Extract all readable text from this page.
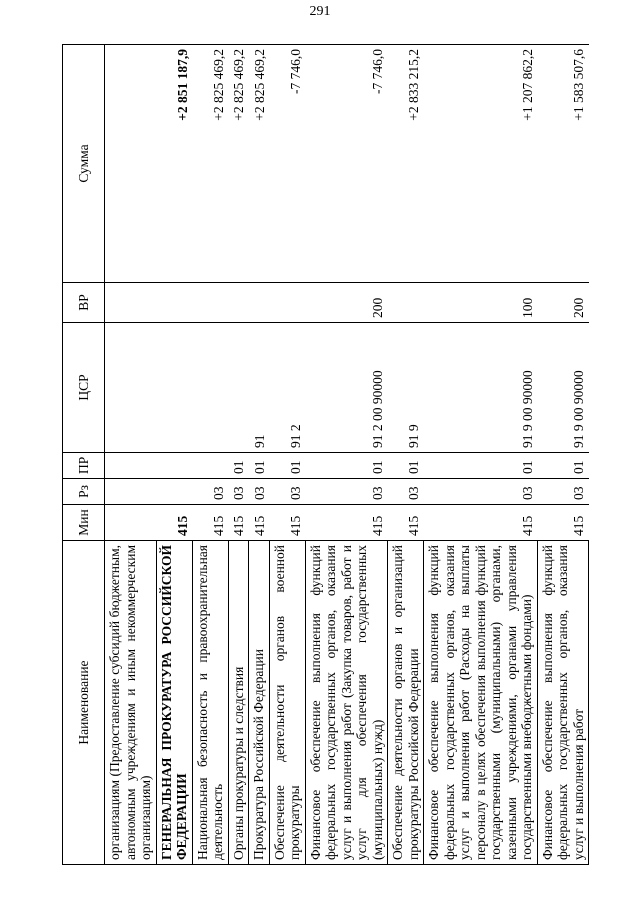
291
Наименование	Мин	Рз	ПР	ЦСР	ВР	Сумма
организациям (Предоставление субсидий бюджетным, автономным учреждениям и иным некоммерческим организациям)						
ГЕНЕРАЛЬНАЯ ПРОКУРАТУРА РОССИЙСКОЙ ФЕДЕРАЦИИ	415					+2 851 187,9
Национальная безопасность и правоохранительная деятельность	415	03				+2 825 469,2
Органы прокуратуры и следствия	415	03	01			+2 825 469,2
Прокуратура Российской Федерации	415	03	01	91		+2 825 469,2
Обеспечение деятельности органов военной прокуратуры	415	03	01	91 2		-7 746,0
Финансовое обеспечение выполнения функций федеральных государственных органов, оказания услуг и выполнения работ (Закупка товаров, работ и услуг для обеспечения государственных (муниципальных) нужд)	415	03	01	91 2 00 90000	200	-7 746,0
Обеспечение деятельности органов и организаций прокуратуры Российской Федерации	415	03	01	91 9		+2 833 215,2
Финансовое обеспечение выполнения функций федеральных государственных органов, оказания услуг и выполнения работ (Расходы на выплаты персоналу в целях обеспечения выполнения функций государственными (муниципальными) органами, казенными учреждениями, органами управления государственными внебюджетными фондами)	415	03	01	91 9 00 90000	100	+1 207 862,2
Финансовое обеспечение выполнения функций федеральных государственных органов, оказания услуг и выполнения работ	415	03	01	91 9 00 90000	200	+1 583 507,6
